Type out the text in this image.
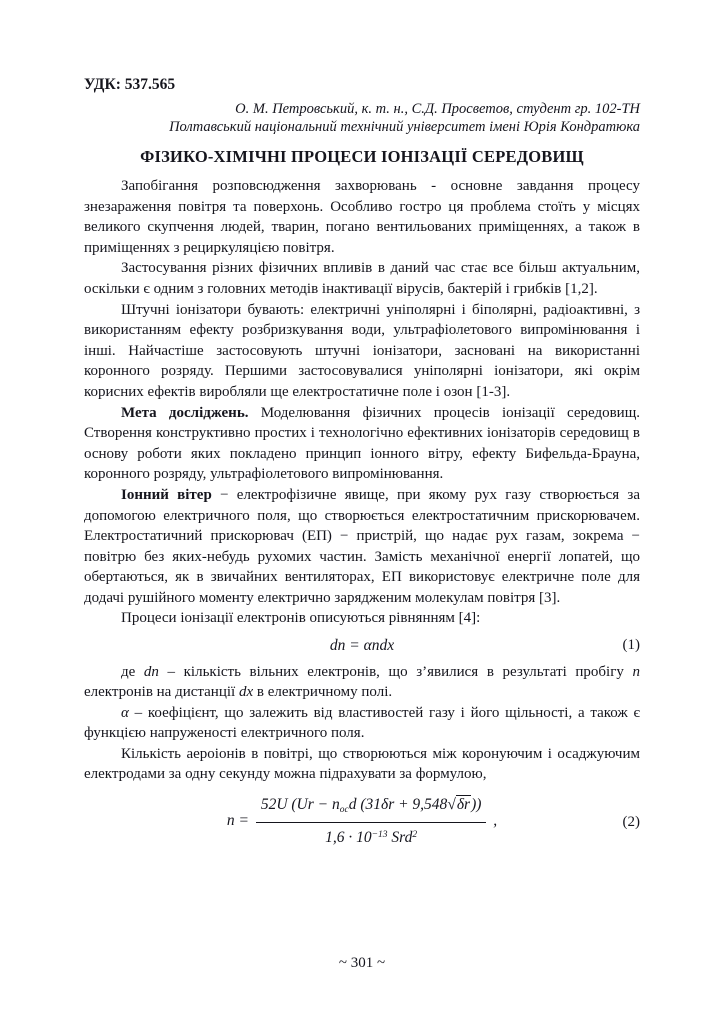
УДК: 537.565
О. М. Петровський, к. т. н., С.Д. Просветов, студент гр. 102-ТН
Полтавський національний технічний університет імені Юрія Кондратюка
ФІЗИКО-ХІМІЧНІ ПРОЦЕСИ ІОНІЗАЦІЇ СЕРЕДОВИЩ

Запобігання розповсюдження захворювань - основне завдання процесу знезараження повітря та поверхонь. Особливо гостро ця проблема стоїть у місцях великого скупчення людей, тварин, погано вентильованих приміщеннях, а також в приміщеннях з рециркуляцією повітря.

Застосування різних фізичних впливів в даний час стає все більш актуальним, оскільки є одним з головних методів інактивації вірусів, бактерій і грибків [1,2].

Штучні іонізатори бувають: електричні уніполярні і біполярні, радіоактивні, з використанням ефекту розбризкування води, ультрафіолетового випромінювання і інші. Найчастіше застосовують штучні іонізатори, засновані на використанні коронного розряду. Першими застосовувалися уніполярні іонізатори, які окрім корисних ефектів виробляли ще електростатичне поле і озон [1-3].

Мета досліджень. Моделювання фізичних процесів іонізації середовищ. Створення конструктивно простих і технологічно ефективних іонізаторів середовищ в основу роботи яких покладено принцип іонного вітру, ефекту Бифельда-Брауна, коронного розряду, ультрафіолетового випромінювання.

Іонний вітер − електрофізичне явище, при якому рух газу створюється за допомогою електричного поля, що створюється електростатичним прискорювачем. Електростатичний прискорювач (ЕП) − пристрій, що надає рух газам, зокрема − повітрю без яких-небудь рухомих частин. Замість механічної енергії лопатей, що обертаються, як в звичайних вентиляторах, ЕП використовує електричне поле для додачі рушійного моменту електрично зарядженим молекулам повітря [3].

Процеси іонізації електронів описуються рівнянням [4]:

dn = αndx	(1)

де dn – кількість вільних електронів, що з’явилися в результаті пробігу n електронів на дистанції dx в електричному полі.

α – коефіцієнт, що залежить від властивостей газу і його щільності, а також є функцією напруженості електричного поля.

Кількість аероіонів в повітрі, що створюються між коронуючим і осаджуючим електродами за одну секунду можна підрахувати за формулою,

$n = \frac{52U (Ur - n_{ос}d (31\delta r + 9,548√\delta r))}{1,6 \cdot 10^{-13} Srd^2}$ ,	(2)
~ 301 ~
